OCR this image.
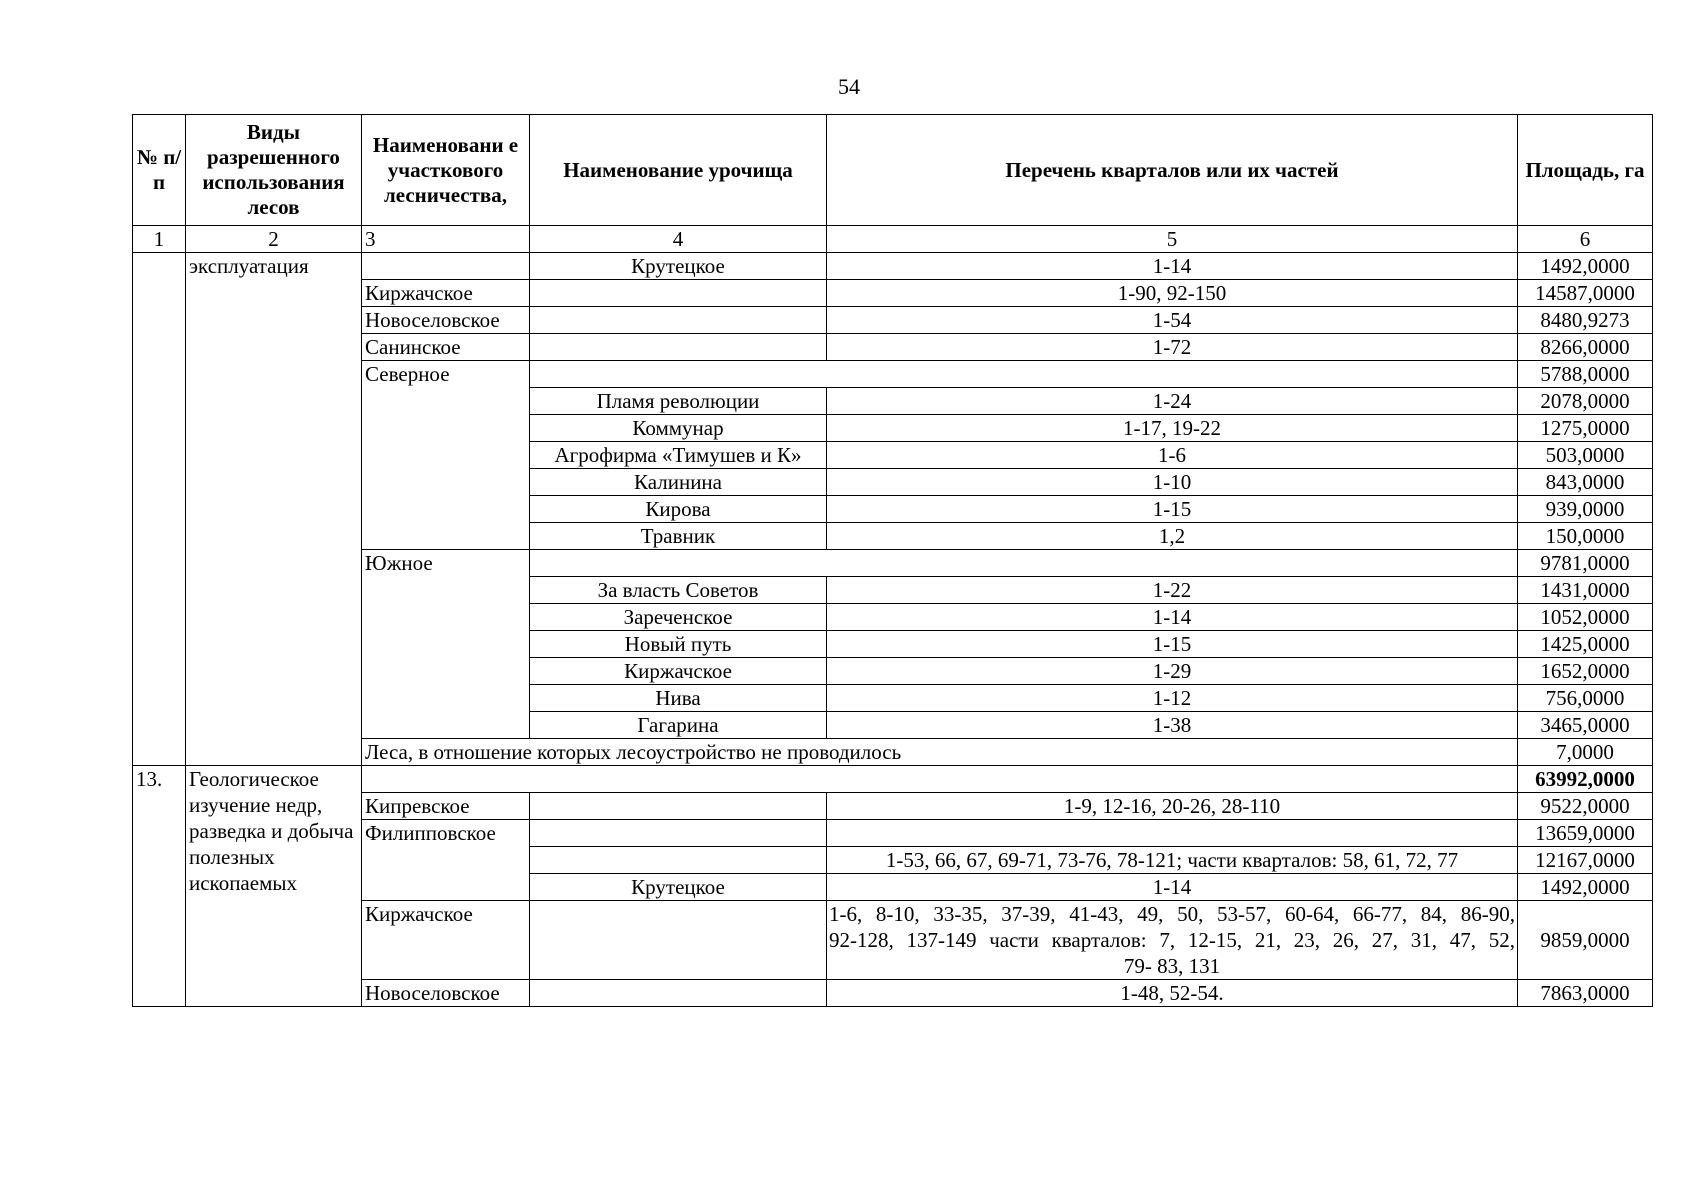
54
№ п/п	Виды разрешенного использования лесов	Наименовани е участкового лесничества,	Наименование урочища	Перечень кварталов или их частей	Площадь, га
1	2	3	4	5	6
	эксплуатация		Крутецкое	1-14	1492,0000
		Киржачское		1-90, 92-150	14587,0000
		Новоселовское		1-54	8480,9273
		Санинское		1-72	8266,0000
		Северное			5788,0000
			Пламя революции	1-24	2078,0000
			Коммунар	1-17, 19-22	1275,0000
			Агрофирма «Тимушев и К»	1-6	503,0000
			Калинина	1-10	843,0000
			Кирова	1-15	939,0000
			Травник	1,2	150,0000
		Южное			9781,0000
			За власть Советов	1-22	1431,0000
			Зареченское	1-14	1052,0000
			Новый путь	1-15	1425,0000
			Киржачское	1-29	1652,0000
			Нива	1-12	756,0000
			Гагарина	1-38	3465,0000
		Леса, в отношение которых лесоустройство не проводилось			7,0000
13.	Геологическое изучение недр, разведка и добыча полезных ископаемых				63992,0000
		Кипревское		1-9, 12-16, 20-26, 28-110	9522,0000
		Филипповское			13659,0000
				1-53, 66, 67, 69-71, 73-76, 78-121; части кварталов: 58, 61, 72, 77	12167,0000
			Крутецкое	1-14	1492,0000
		Киржачское		1-6, 8-10, 33-35, 37-39, 41-43, 49, 50, 53-57, 60-64, 66-77, 84, 86-90,
92-128, 137-149 части кварталов: 7, 12-15, 21, 23, 26, 27, 31, 47, 52,
79- 83, 131	9859,0000
		Новоселовское		1-48, 52-54.	7863,0000
